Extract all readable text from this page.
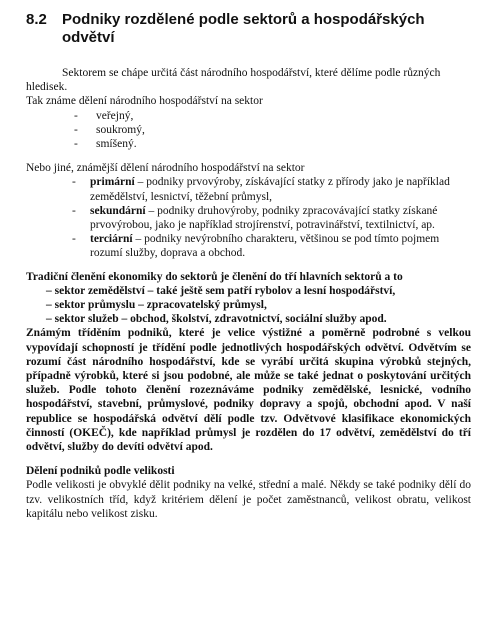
8.2 Podniky rozdělené podle sektorů a hospodářských odvětví

Sektorem se chápe určitá část národního hospodářství, které dělíme podle různých hledisek.

Tak známe dělení národního hospodářství na sektor

- veřejný,
- soukromý,
- smíšený.

Nebo jiné, známější dělení národního hospodářství na sektor

- primární – podniky prvovýroby, získávající statky z přírody jako je například zemědělství, lesnictví, těžební průmysl,
- sekundární – podniky druhovýroby, podniky zpracovávající statky získané prvovýrobou, jako je například strojírenství, potravinářství, textilnictví, ap.
- terciární – podniky nevýrobního charakteru, většinou se pod tímto pojmem rozumí služby, doprava a obchod.

Tradiční členění ekonomiky do sektorů je členění do tří hlavních sektorů a to

– sektor zemědělství – také ještě sem patří rybolov a lesní hospodářství,
– sektor průmyslu – zpracovatelský průmysl,
– sektor služeb – obchod, školství, zdravotnictví, sociální služby apod.

Známým tříděním podniků, které je velice výstižné a poměrně podrobné s velkou vypovídají schopností je třídění podle jednotlivých hospodářských odvětví. Odvětvím se rozumí část národního hospodářství, kde se vyrábí určitá skupina výrobků stejných, případně výrobků, které si jsou podobné, ale může se také jednat o poskytování určitých služeb. Podle tohoto členění rozeznáváme podniky zemědělské, lesnické, vodního hospodářství, stavební, průmyslové, podniky dopravy a spojů, obchodní apod. V naší republice se hospodářská odvětví dělí podle tzv. Odvětvové klasifikace ekonomických činností (OKEČ), kde například průmysl je rozdělen do 17 odvětví, zemědělství do tří odvětví, služby do devíti odvětví apod.

Dělení podniků podle velikosti

Podle velikosti je obvyklé dělit podniky na velké, střední a malé. Někdy se také podniky dělí do tzv. velikostních tříd, když kritériem dělení je počet zaměstnanců, velikost obratu, velikost kapitálu nebo velikost zisku.
